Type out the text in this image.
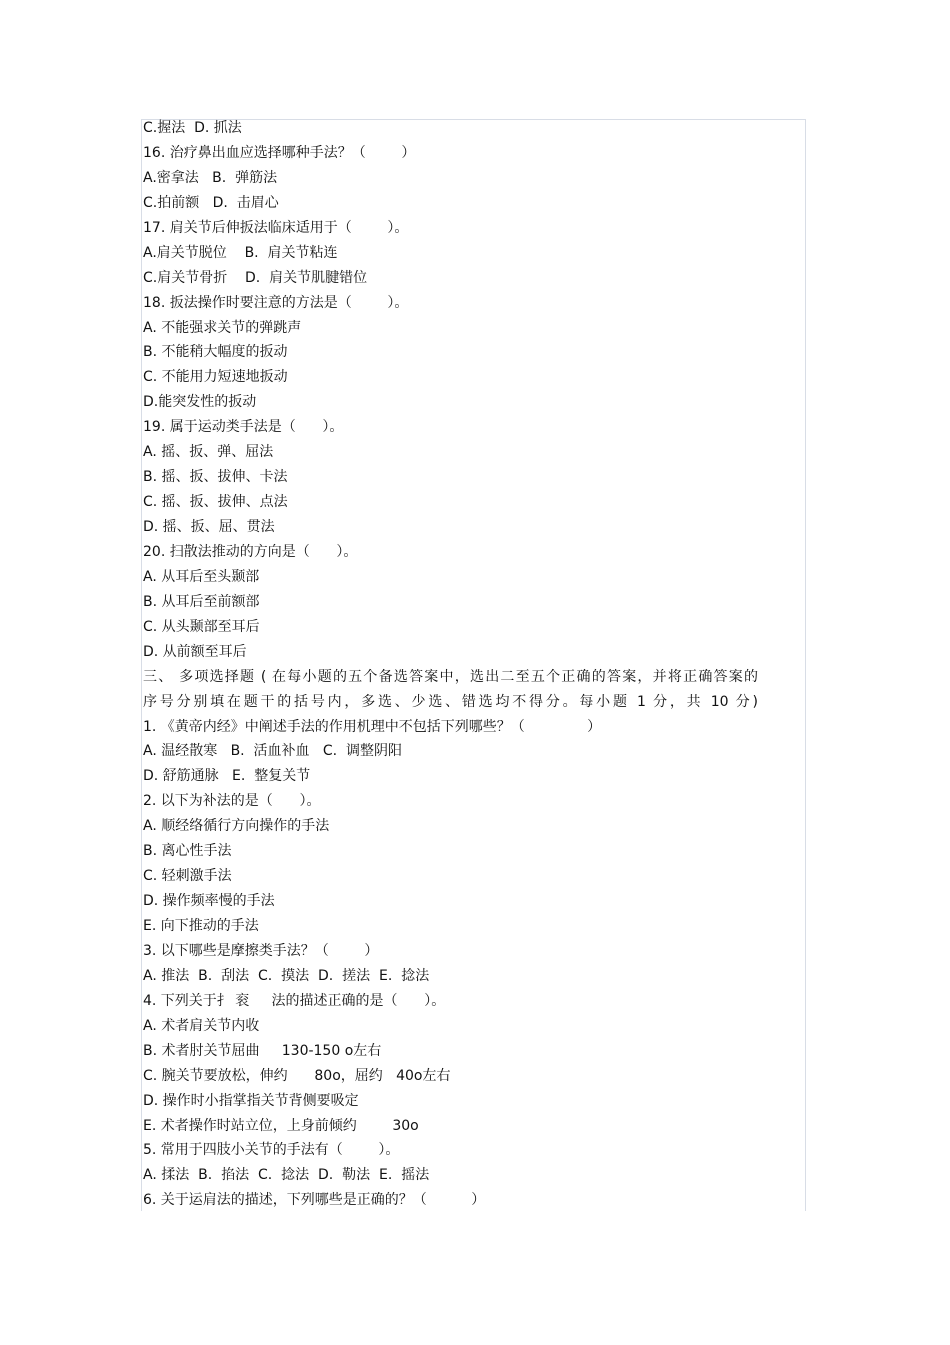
C.握法  D. 抓法
16. 治疗鼻出血应选择哪种手法？（        ）
A.密拿法   B.  弹筋法
C.拍前额   D.  击眉心
17. 肩关节后伸扳法临床适用于（        ）。
A.肩关节脱位    B.  肩关节粘连
C.肩关节骨折    D.  肩关节肌腱错位
18. 扳法操作时要注意的方法是（        ）。
A. 不能强求关节的弹跳声
B. 不能稍大幅度的扳动
C. 不能用力短速地扳动
D.能突发性的扳动
19. 属于运动类手法是（      ）。
A. 摇、扳、弹、屈法
B. 摇、扳、拔伸、卡法
C. 摇、扳、拔伸、点法
D. 摇、扳、屈、贯法
20. 扫散法推动的方向是（      ）。
A. 从耳后至头颞部
B. 从耳后至前额部
C. 从头颞部至耳后
D. 从前额至耳后
三、 多项选择题 ( 在每小题的五个备选答案中，选出二至五个正确的答案，并将正确答案的
序号分别填在题干的括号内，多选、少选、错选均不得分。每小题 1 分，共 10 分)
1. 《黄帝内经》中阐述手法的作用机理中不包括下列哪些？（              ）
A. 温经散寒   B.  活血补血   C.  调整阴阳
D. 舒筋通脉   E.  整复关节
2. 以下为补法的是（      ）。
A. 顺经络循行方向操作的手法
B. 离心性手法
C. 轻刺激手法
D. 操作频率慢的手法
E. 向下推动的手法
3. 以下哪些是摩擦类手法？（        ）
A. 推法  B.  刮法  C.  摸法  D.  搓法  E.  捻法
4. 下列关于扌 衮     法的描述正确的是（      ）。
A. 术者肩关节内收
B. 术者肘关节屈曲     130-150 o左右
C. 腕关节要放松，伸约      80o，屈约   40o左右
D. 操作时小指掌指关节背侧要吸定
E. 术者操作时站立位，上身前倾约        30o
5. 常用于四肢小关节的手法有（        ）。
A. 揉法  B.  掐法  C.  捻法  D.  勒法  E.  摇法
6. 关于运肩法的描述，下列哪些是正确的？（          ）
